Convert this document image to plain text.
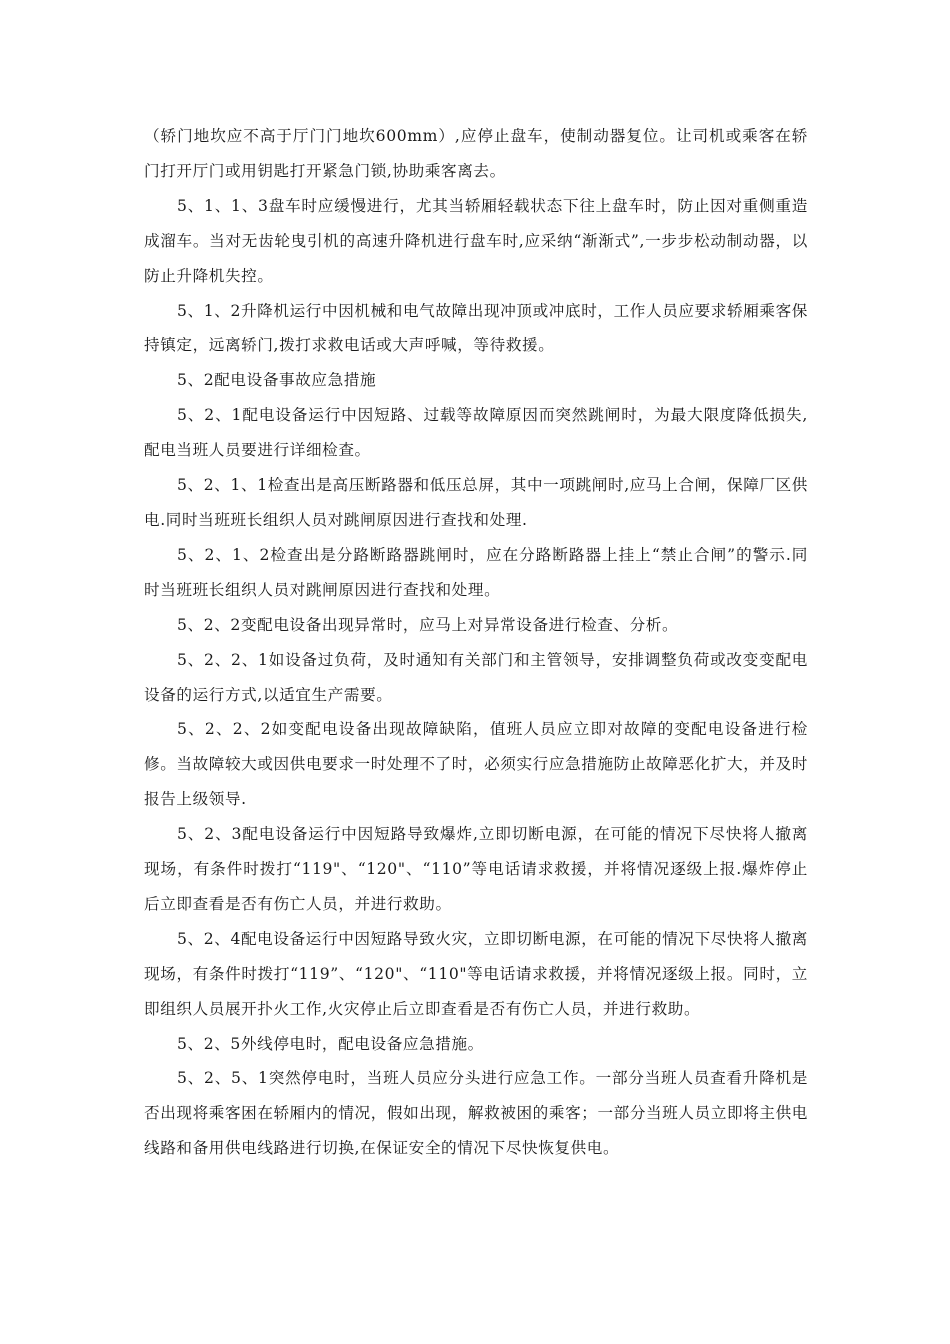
（轿门地坎应不高于厅门门地坎600mm）,应停止盘车，使制动器复位。让司机或乘客在轿门打开厅门或用钥匙打开紧急门锁,协助乘客离去。

5、1、1、3盘车时应缓慢进行，尤其当轿厢轻载状态下往上盘车时，防止因对重侧重造成溜车。当对无齿轮曳引机的高速升降机进行盘车时,应采纳“渐渐式”,一步步松动制动器，以防止升降机失控。

5、1、2升降机运行中因机械和电气故障出现冲顶或冲底时，工作人员应要求轿厢乘客保持镇定，远离轿门,拨打求救电话或大声呼喊，等待救援。

5、2配电设备事故应急措施

5、2、1配电设备运行中因短路、过载等故障原因而突然跳闸时，为最大限度降低损失,配电当班人员要进行详细检查。

5、2、1、1检查出是高压断路器和低压总屏，其中一项跳闸时,应马上合闸，保障厂区供电.同时当班班长组织人员对跳闸原因进行查找和处理.

5、2、1、2检查出是分路断路器跳闸时，应在分路断路器上挂上“禁止合闸”的警示.同时当班班长组织人员对跳闸原因进行查找和处理。

5、2、2变配电设备出现异常时，应马上对异常设备进行检查、分析。

5、2、2、1如设备过负荷，及时通知有关部门和主管领导，安排调整负荷或改变变配电设备的运行方式,以适宜生产需要。

5、2、2、2如变配电设备出现故障缺陷，值班人员应立即对故障的变配电设备进行检修。当故障较大或因供电要求一时处理不了时，必须实行应急措施防止故障恶化扩大，并及时报告上级领导.

5、2、3配电设备运行中因短路导致爆炸,立即切断电源，在可能的情况下尽快将人撤离现场，有条件时拨打“119"、“120"、“110”等电话请求救援，并将情况逐级上报.爆炸停止后立即查看是否有伤亡人员，并进行救助。

5、2、4配电设备运行中因短路导致火灾，立即切断电源，在可能的情况下尽快将人撤离现场，有条件时拨打“119”、“120"、“110"等电话请求救援，并将情况逐级上报。同时，立即组织人员展开扑火工作,火灾停止后立即查看是否有伤亡人员，并进行救助。

5、2、5外线停电时，配电设备应急措施。

5、2、5、1突然停电时，当班人员应分头进行应急工作。一部分当班人员查看升降机是否出现将乘客困在轿厢内的情况，假如出现，解救被困的乘客；一部分当班人员立即将主供电线路和备用供电线路进行切换,在保证安全的情况下尽快恢复供电。
